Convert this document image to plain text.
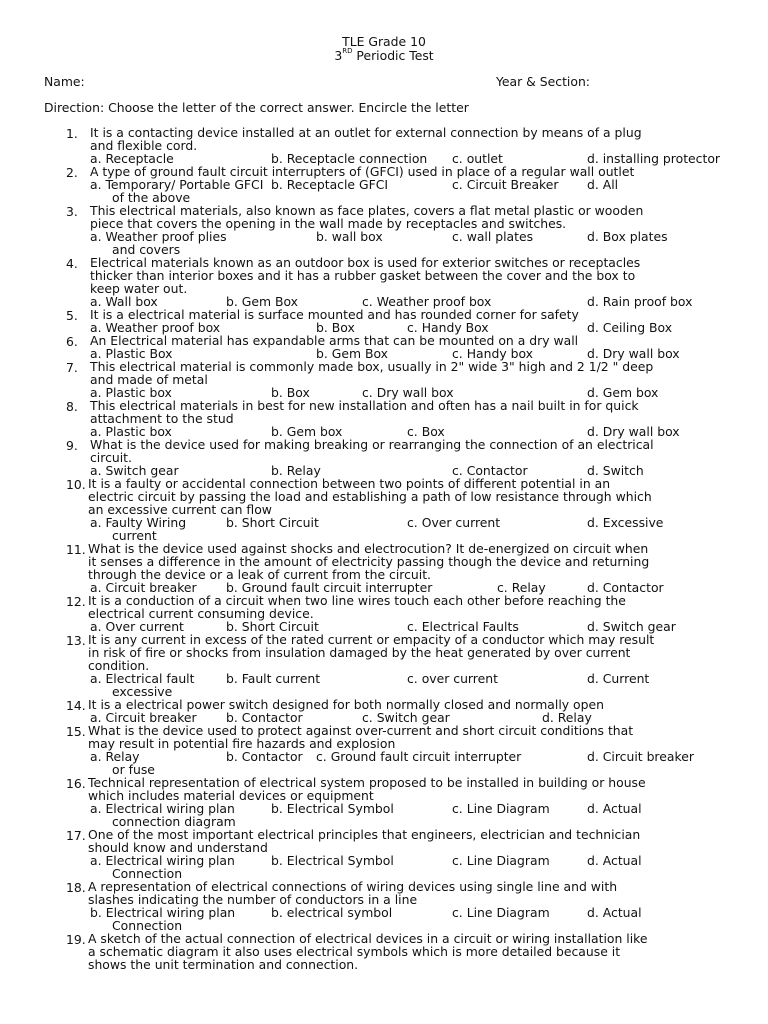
TLE Grade 10
3RD Periodic Test
Name:	Year & Section:
Direction: Choose the letter of the correct answer. Encircle the letter
1. It is a contacting device installed at an outlet for external connection by means of a plug
and flexible cord.
a. Receptacle	b. Receptacle connection c. outlet	d. installing protector
2. A type of ground fault circuit interrupters of (GFCI) used in place of a regular wall outlet
a. Temporary/ Portable GFCI b. Receptacle GFCI	c. Circuit Breaker d. All
of the above
3. This electrical materials, also known as face plates, covers a flat metal plastic or wooden
piece that covers the opening in the wall made by receptacles and switches.
a. Weather proof plies	b. wall box	c. wall plates	d. Box plates
and covers
4. Electrical materials known as an outdoor box is used for exterior switches or receptacles
thicker than interior boxes and it has a rubber gasket between the cover and the box to
keep water out.
a. Wall box	b. Gem Box	c. Weather proof box	d. Rain proof box
5. It is a electrical material is surface mounted and has rounded corner for safety
a. Weather proof box	b. Box	c. Handy Box	d. Ceiling Box
6. An Electrical material has expandable arms that can be mounted on a dry wall
a. Plastic Box	b. Gem Box	c. Handy box	d. Dry wall box
7. This electrical material is commonly made box, usually in 2" wide 3" high and 2 1/2 " deep
and made of metal
a. Plastic box	b. Box	c. Dry wall box	d. Gem box
8. This electrical materials in best for new installation and often has a nail built in for quick
attachment to the stud
a. Plastic box	b. Gem box	c. Box	d. Dry wall box
9. What is the device used for making breaking or rearranging the connection of an electrical
circuit.
a. Switch gear	b. Relay	c. Contactor	d. Switch
10. It is a faulty or accidental connection between two points of different potential in an
electric circuit by passing the load and establishing a path of low resistance through which
an excessive current can flow
a. Faulty Wiring	b. Short Circuit	c. Over current	d. Excessive
current
11. What is the device used against shocks and electrocution? It de-energized on circuit when
it senses a difference in the amount of electricity passing though the device and returning
through the device or a leak of current from the circuit.
a. Circuit breaker b. Ground fault circuit interrupter	c. Relay	d. Contactor
12. It is a conduction of a circuit when two line wires touch each other before reaching the
electrical current consuming device.
a. Over current	b. Short Circuit	c. Electrical Faults	d. Switch gear
13. It is any current in excess of the rated current or empacity of a conductor which may result
in risk of fire or shocks from insulation damaged by the heat generated by over current
condition.
a. Electrical fault	b. Fault current	c. over current	d. Current
excessive
14. It is a electrical power switch designed for both normally closed and normally open
a. Circuit breaker b. Contactor	c. Switch gear	d. Relay
15. What is the device used to protect against over-current and short circuit conditions that
may result in potential fire hazards and explosion
a. Relay	b. Contactor c. Ground fault circuit interrupter	d. Circuit breaker
or fuse
16. Technical representation of electrical system proposed to be installed in building or house
which includes material devices or equipment
a. Electrical wiring plan	b. Electrical Symbol	c. Line Diagram	d. Actual
connection diagram
17. One of the most important electrical principles that engineers, electrician and technician
should know and understand
a. Electrical wiring plan	b. Electrical Symbol	c. Line Diagram	d. Actual
Connection
18. A representation of electrical connections of wiring devices using single line and with
slashes indicating the number of conductors in a line
b. Electrical wiring plan	b. electrical symbol	c. Line Diagram	d. Actual
Connection
19. A sketch of the actual connection of electrical devices in a circuit or wiring installation like
a schematic diagram it also uses electrical symbols which is more detailed because it
shows the unit termination and connection.
